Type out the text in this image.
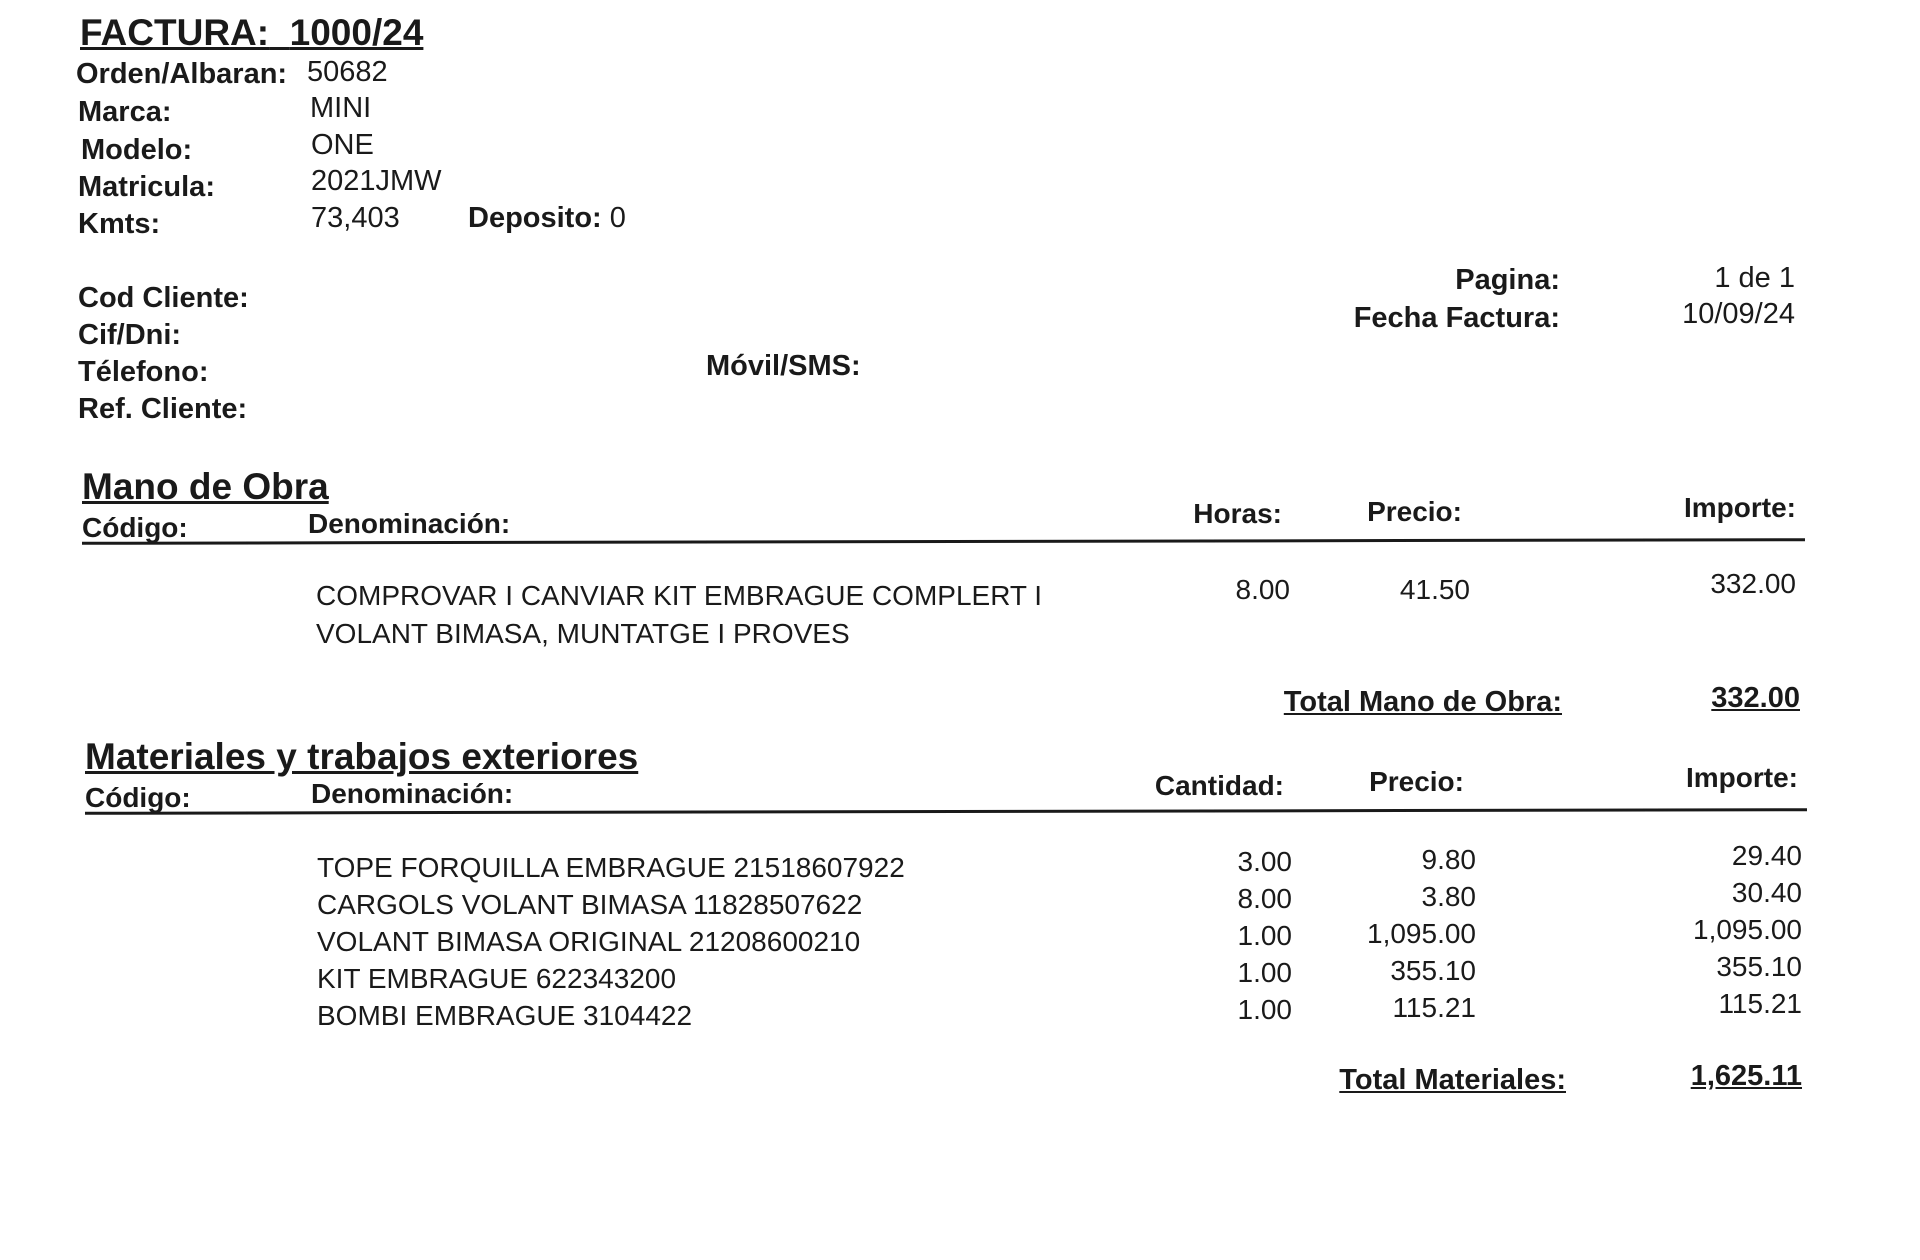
FACTURA: 1000/24
Orden/Albaran: 50682
Marca:	MINI
Modelo:	ONE
Matricula:	2021JMW
Kmts:	73,403 Deposito: 0
Cod Cliente:
Cif/Dni:
Télefono:
Ref. Cliente:
Móvil/SMS:
Pagina:	1 de 1
Fecha Factura:	10/09/24
Mano de Obra
Código:	Denominación:	Horas:	Precio:	Importe:
COMPROVAR I CANVIAR KIT EMBRAGUE COMPLERT I
VOLANT BIMASA, MUNTATGE I PROVES
8.00	41.50	332.00
Total Mano de Obra:	332.00
Materiales y trabajos exteriores
Código:	Denominación:	Cantidad:	Precio:	Importe:
TOPE FORQUILLA EMBRAGUE 21518607922	3.00	9.80	29.40
CARGOLS VOLANT BIMASA 11828507622	8.00	3.80	30.40
VOLANT BIMASA ORIGINAL 21208600210	1.00	1,095.00	1,095.00
KIT EMBRAGUE 622343200	1.00	355.10	355.10
BOMBI EMBRAGUE 3104422	1.00	115.21	115.21
Total Materiales:	1,625.11
